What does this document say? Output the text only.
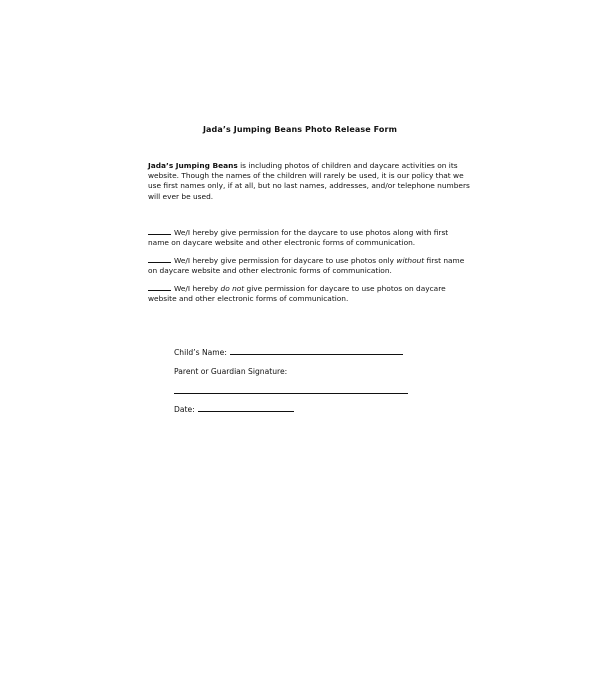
Jada’s Jumping Beans Photo Release Form
Jada’s Jumping Beans is including photos of children and daycare activities on its website. Though the names of the children will rarely be used, it is our policy that we use first names only, if at all, but no last names, addresses, and/or telephone numbers will ever be used.
We/I hereby give permission for the daycare to use photos along with first name on daycare website and other electronic forms of communication.
We/I hereby give permission for daycare to use photos only without first name on daycare website and other electronic forms of communication.
We/I hereby do not give permission for daycare to use photos on daycare website and other electronic forms of communication.
Child’s Name:
Parent or Guardian Signature:
Date:
